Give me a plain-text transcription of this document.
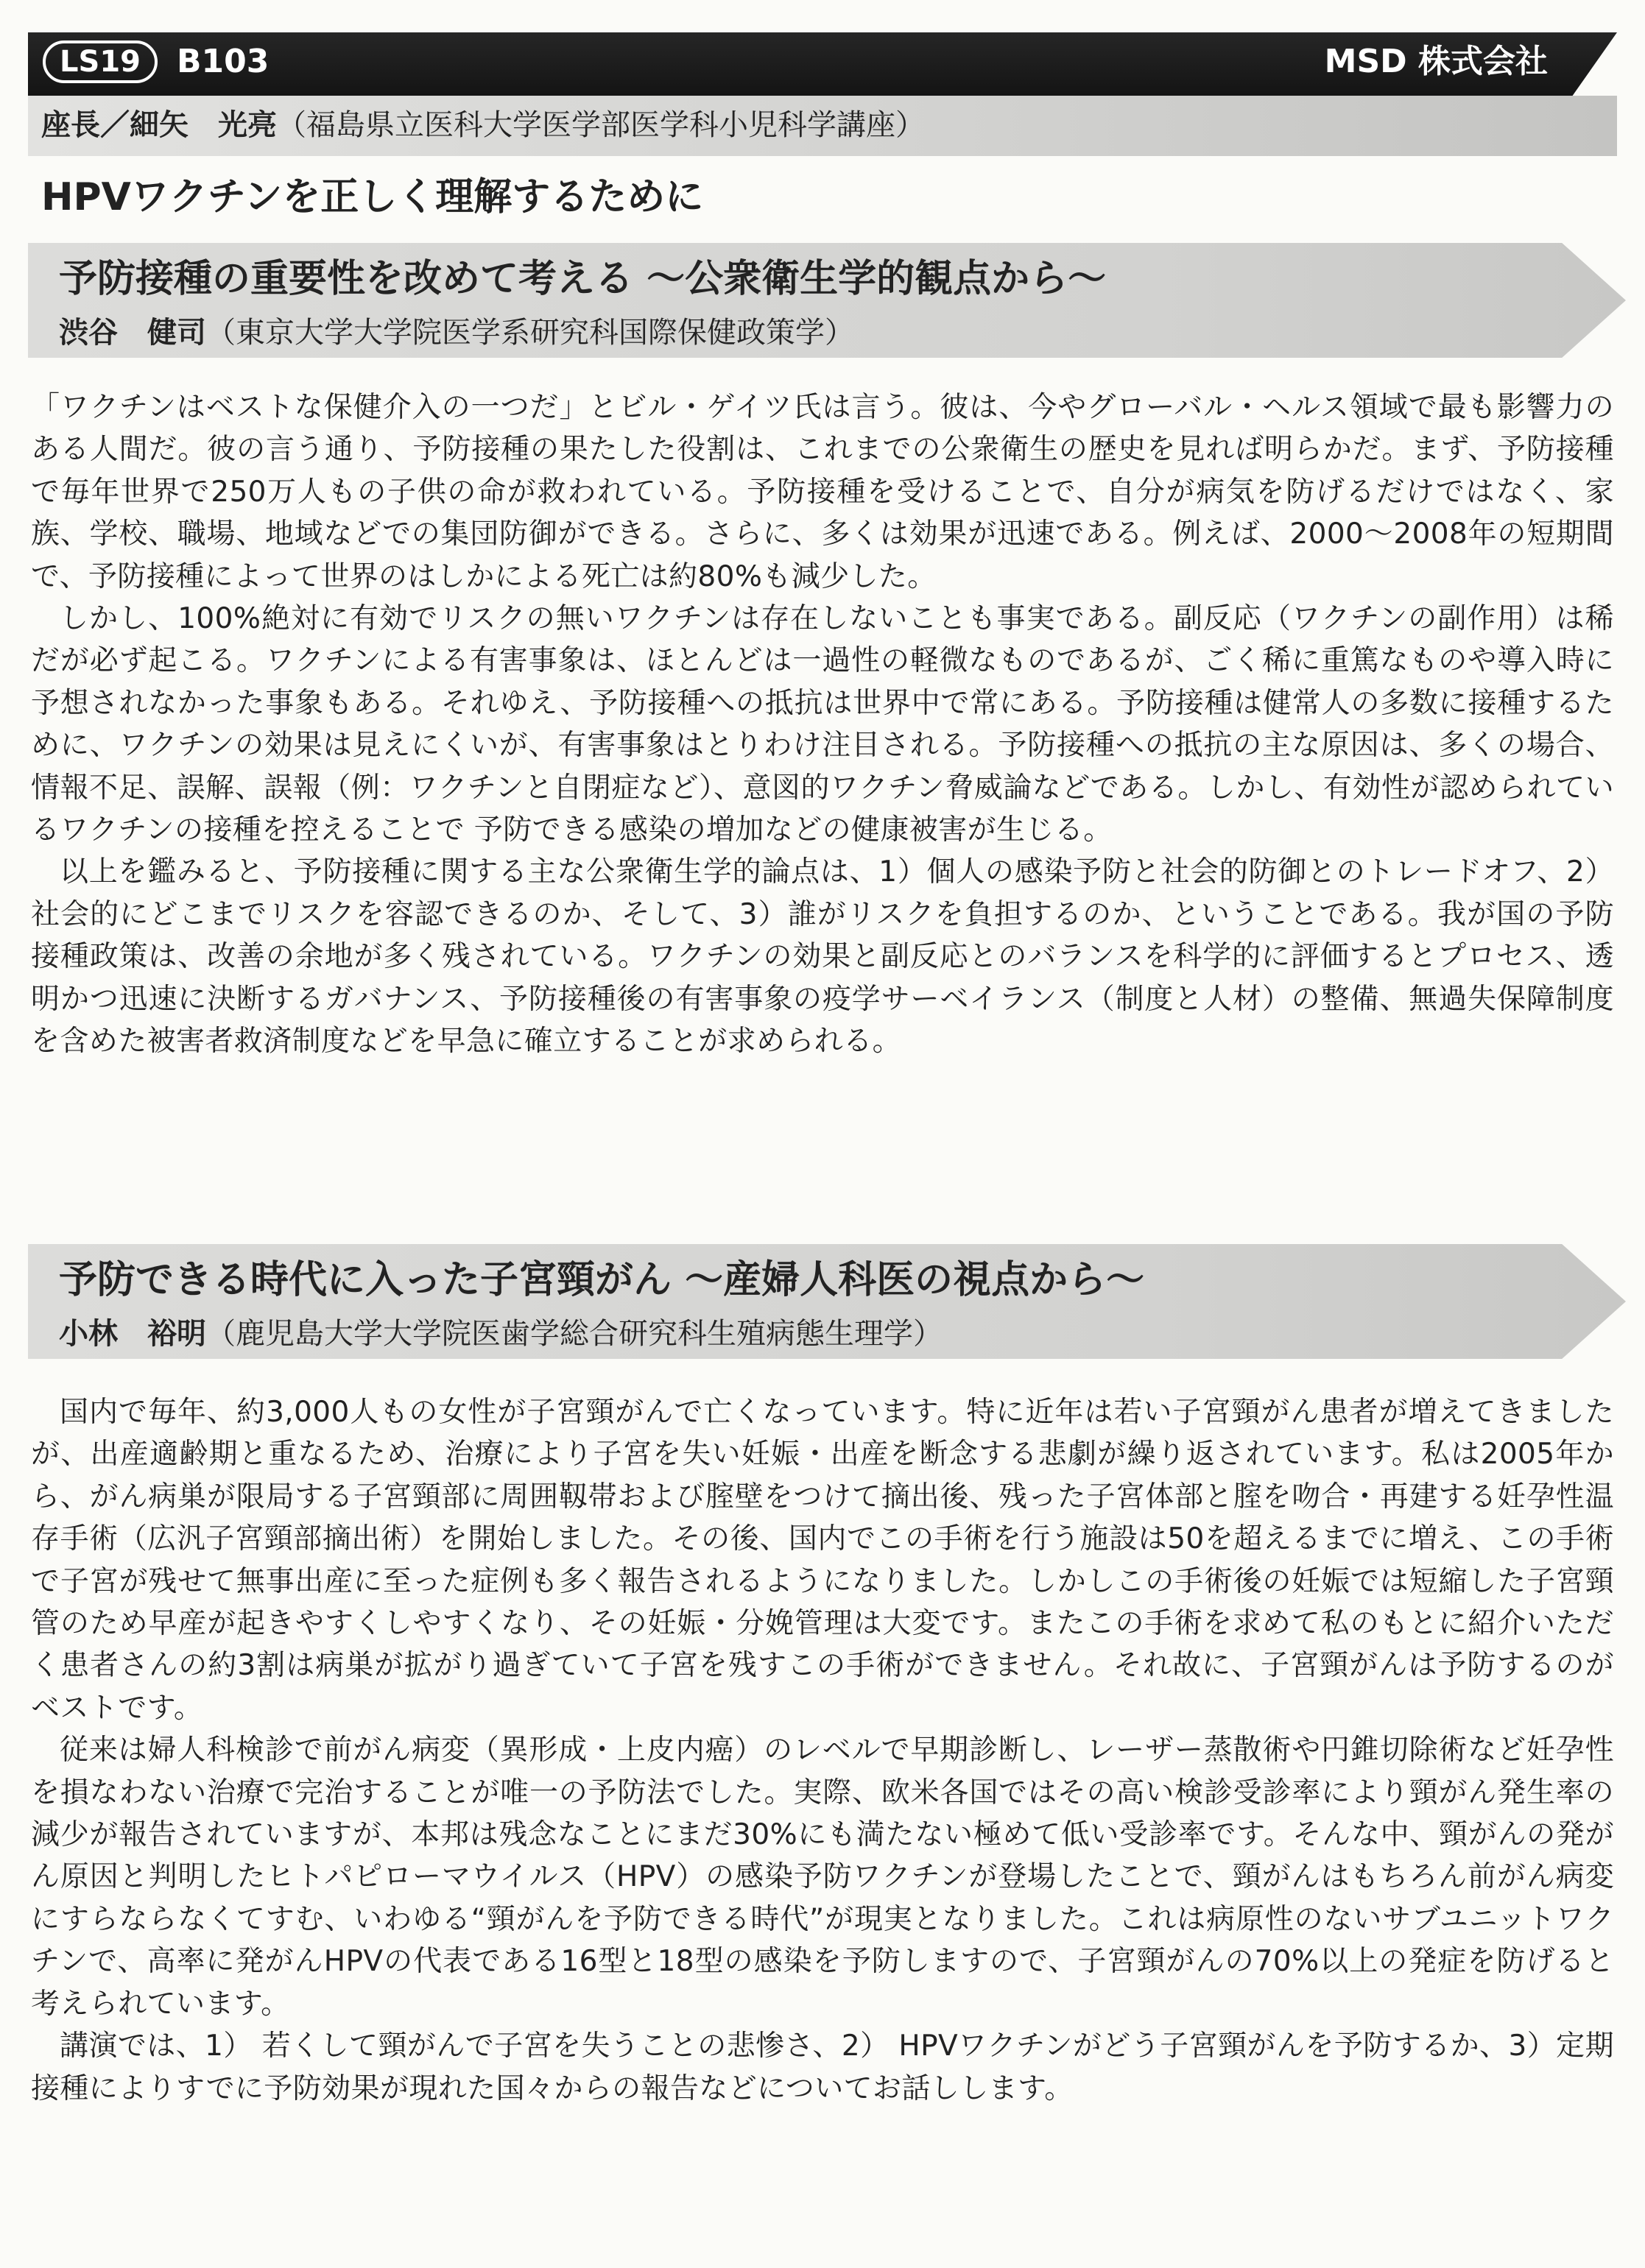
LS19	B103	MSD 株式会社
座長／細矢　光亮（福島県立医科大学医学部医学科小児科学講座）
HPVワクチンを正しく理解するために
予防接種の重要性を改めて考える ～公衆衛生学的観点から～
渋谷　健司（東京大学大学院医学系研究科国際保健政策学）

「ワクチンはベストな保健介入の一つだ」とビル・ゲイツ氏は言う。彼は、今やグローバル・ヘルス領域で最も影響力のある人間だ。彼の言う通り、予防接種の果たした役割は、これまでの公衆衛生の歴史を見れば明らかだ。まず、予防接種で毎年世界で250万人もの子供の命が救われている。予防接種を受けることで、自分が病気を防げるだけではなく、家族、学校、職場、地域などでの集団防御ができる。さらに、多くは効果が迅速である。例えば、2000～2008年の短期間で、予防接種によって世界のはしかによる死亡は約80%も減少した。

しかし、100%絶対に有効でリスクの無いワクチンは存在しないことも事実である。副反応（ワクチンの副作用）は稀だが必ず起こる。ワクチンによる有害事象は、ほとんどは一過性の軽微なものであるが、ごく稀に重篤なものや導入時に予想されなかった事象もある。それゆえ、予防接種への抵抗は世界中で常にある。予防接種は健常人の多数に接種するために、ワクチンの効果は見えにくいが、有害事象はとりわけ注目される。予防接種への抵抗の主な原因は、多くの場合、情報不足、誤解、誤報（例：ワクチンと自閉症など）、意図的ワクチン脅威論などである。しかし、有効性が認められているワクチンの接種を控えることで 予防できる感染の増加などの健康被害が生じる。

以上を鑑みると、予防接種に関する主な公衆衛生学的論点は、1）個人の感染予防と社会的防御とのトレードオフ、2）社会的にどこまでリスクを容認できるのか、そして、3）誰がリスクを負担するのか、ということである。我が国の予防接種政策は、改善の余地が多く残されている。ワクチンの効果と副反応とのバランスを科学的に評価するとプロセス、透明かつ迅速に決断するガバナンス、予防接種後の有害事象の疫学サーベイランス（制度と人材）の整備、無過失保障制度を含めた被害者救済制度などを早急に確立することが求められる。

予防できる時代に入った子宮頸がん ～産婦人科医の視点から～
小林　裕明（鹿児島大学大学院医歯学総合研究科生殖病態生理学）

国内で毎年、約3,000人もの女性が子宮頸がんで亡くなっています。特に近年は若い子宮頸がん患者が増えてきましたが、出産適齢期と重なるため、治療により子宮を失い妊娠・出産を断念する悲劇が繰り返されています。私は2005年から、がん病巣が限局する子宮頸部に周囲靱帯および腟壁をつけて摘出後、残った子宮体部と腟を吻合・再建する妊孕性温存手術（広汎子宮頸部摘出術）を開始しました。その後、国内でこの手術を行う施設は50を超えるまでに増え、この手術で子宮が残せて無事出産に至った症例も多く報告されるようになりました。しかしこの手術後の妊娠では短縮した子宮頸管のため早産が起きやすくしやすくなり、その妊娠・分娩管理は大変です。またこの手術を求めて私のもとに紹介いただく患者さんの約3割は病巣が拡がり過ぎていて子宮を残すこの手術ができません。それ故に、子宮頸がんは予防するのがベストです。

従来は婦人科検診で前がん病変（異形成・上皮内癌）のレベルで早期診断し、レーザー蒸散術や円錐切除術など妊孕性を損なわない治療で完治することが唯一の予防法でした。実際、欧米各国ではその高い検診受診率により頸がん発生率の減少が報告されていますが、本邦は残念なことにまだ30%にも満たない極めて低い受診率です。そんな中、頸がんの発がん原因と判明したヒトパピローマウイルス（HPV）の感染予防ワクチンが登場したことで、頸がんはもちろん前がん病変にすらならなくてすむ、いわゆる“頸がんを予防できる時代”が現実となりました。これは病原性のないサブユニットワクチンで、高率に発がんHPVの代表である16型と18型の感染を予防しますので、子宮頸がんの70%以上の発症を防げると考えられています。

講演では、1） 若くして頸がんで子宮を失うことの悲惨さ、2） HPVワクチンがどう子宮頸がんを予防するか、3）定期接種によりすでに予防効果が現れた国々からの報告などについてお話しします。
